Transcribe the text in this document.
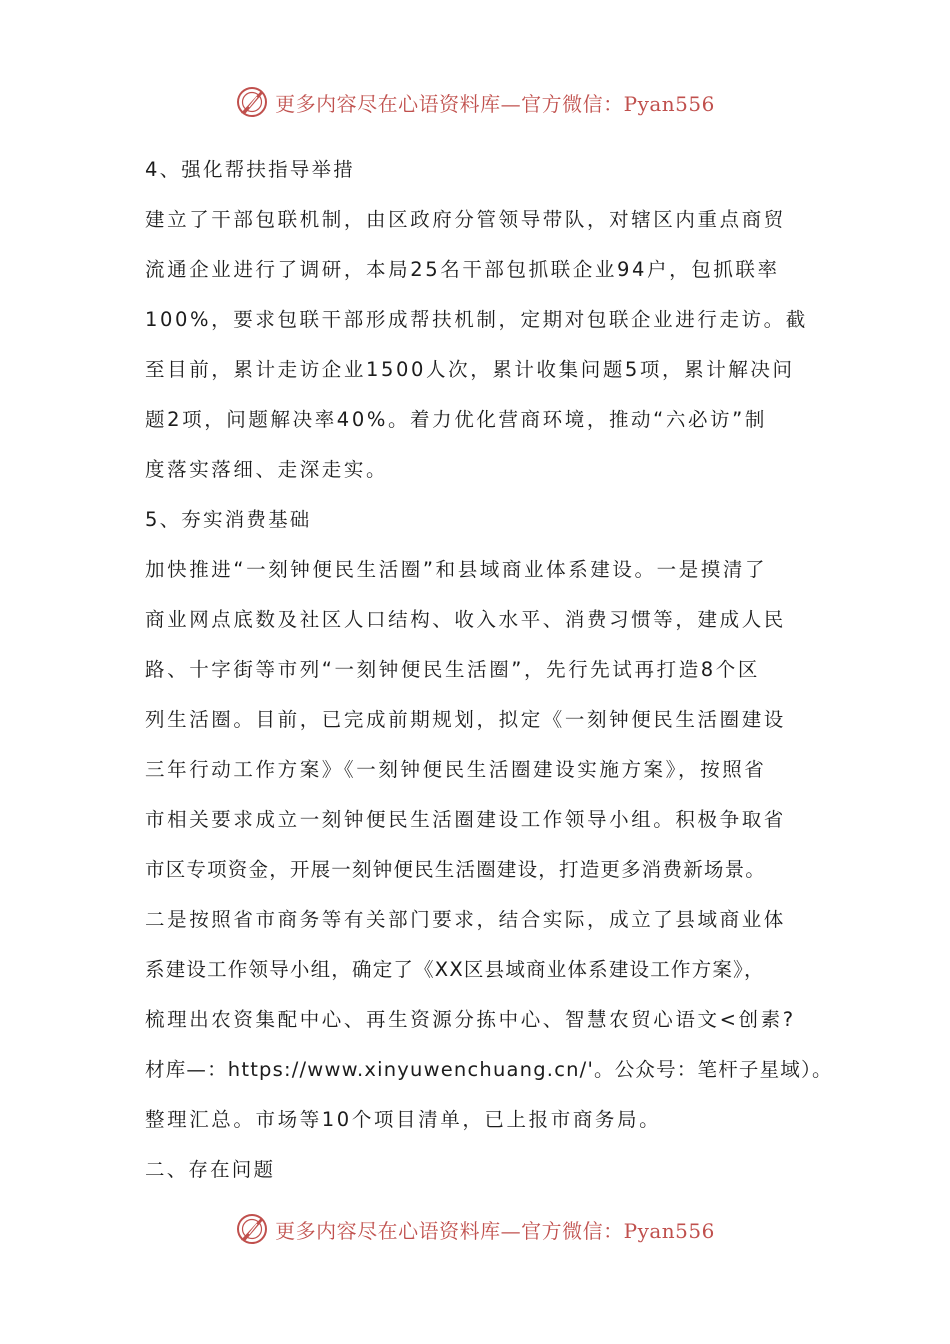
更多内容尽在心语资料库—官方微信：Pyan556
4、强化帮扶指导举措
建立了干部包联机制，由区政府分管领导带队，对辖区内重点商贸
流通企业进行了调研，本局25名干部包抓联企业94户，包抓联率
100%，要求包联干部形成帮扶机制，定期对包联企业进行走访。截
至目前，累计走访企业1500人次，累计收集问题5项，累计解决问
题2项，问题解决率40%。着力优化营商环境，推动“六必访”制
度落实落细、走深走实。
5、夯实消费基础
加快推进“一刻钟便民生活圈”和县域商业体系建设。一是摸清了
商业网点底数及社区人口结构、收入水平、消费习惯等，建成人民
路、十字街等市列“一刻钟便民生活圈”，先行先试再打造8个区
列生活圈。目前，已完成前期规划，拟定《一刻钟便民生活圈建设
三年行动工作方案》《一刻钟便民生活圈建设实施方案》，按照省
市相关要求成立一刻钟便民生活圈建设工作领导小组。积极争取省
市区专项资金，开展一刻钟便民生活圈建设，打造更多消费新场景。
二是按照省市商务等有关部门要求，结合实际，成立了县域商业体
系建设工作领导小组，确定了《XX区县域商业体系建设工作方案》，
梳理出农资集配中心、再生资源分拣中心、智慧农贸心语文<创素?
材库—：https://www.xinyuwenchuang.cn/'。公众号：笔杆子星域）。
整理汇总。市场等10个项目清单，已上报市商务局。
二、存在问题
更多内容尽在心语资料库—官方微信：Pyan556
